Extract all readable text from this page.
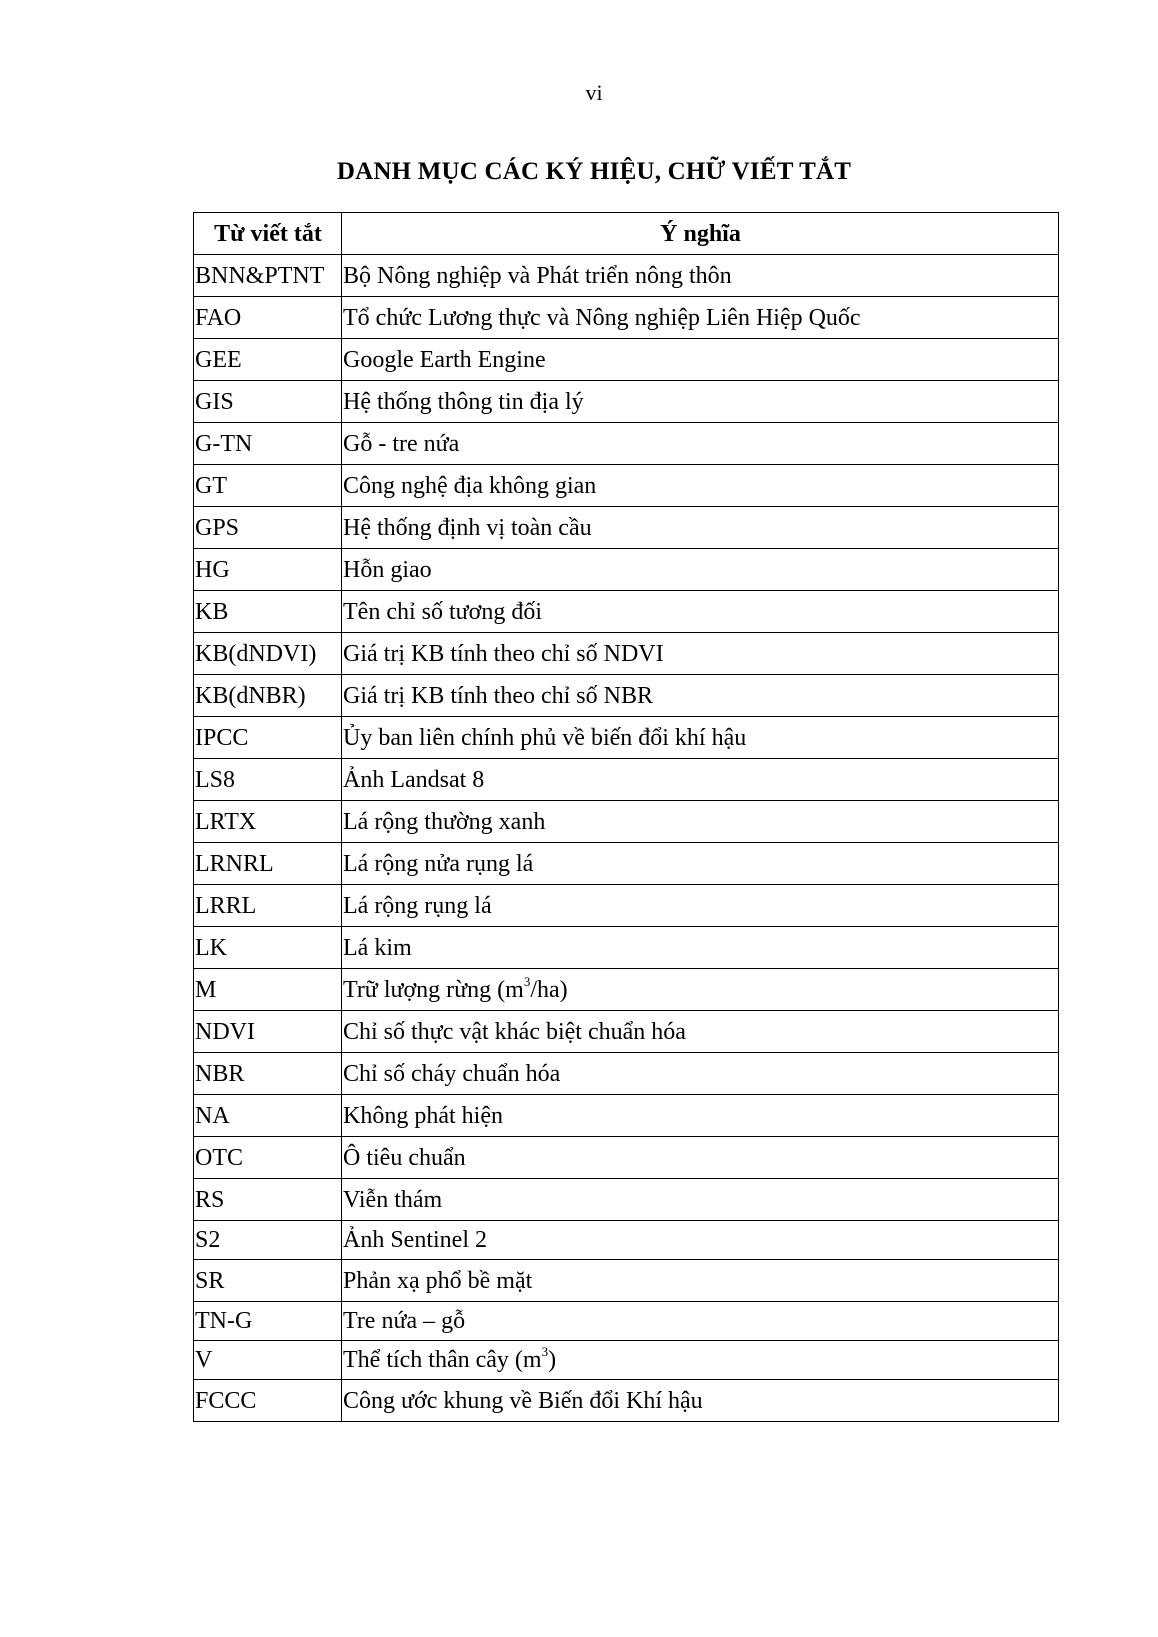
vi
DANH MỤC CÁC KÝ HIỆU, CHỮ VIẾT TẮT
Từ viết tắt	Ý nghĩa
BNN&PTNT	Bộ Nông nghiệp và Phát triển nông thôn
FAO	Tổ chức Lương thực và Nông nghiệp Liên Hiệp Quốc
GEE	Google Earth Engine
GIS	Hệ thống thông tin địa lý
G-TN	Gỗ - tre nứa
GT	Công nghệ địa không gian
GPS	Hệ thống định vị toàn cầu
HG	Hỗn giao
KB	Tên chỉ số tương đối
KB(dNDVI)	Giá trị KB tính theo chỉ số NDVI
KB(dNBR)	Giá trị KB tính theo chỉ số NBR
IPCC	Ủy ban liên chính phủ về biến đổi khí hậu
LS8	Ảnh Landsat 8
LRTX	Lá rộng thường xanh
LRNRL	Lá rộng nửa rụng lá
LRRL	Lá rộng rụng lá
LK	Lá kim
M	Trữ lượng rừng $(m^3/ha)$
NDVI	Chỉ số thực vật khác biệt chuẩn hóa
NBR	Chỉ số cháy chuẩn hóa
NA	Không phát hiện
OTC	Ô tiêu chuẩn
RS	Viễn thám
S2	Ảnh Sentinel 2
SR	Phản xạ phổ bề mặt
TN-G	Tre nứa – gỗ
V	Thể tích thân cây $(m^3)$
FCCC	Công ước khung về Biến đổi Khí hậu
